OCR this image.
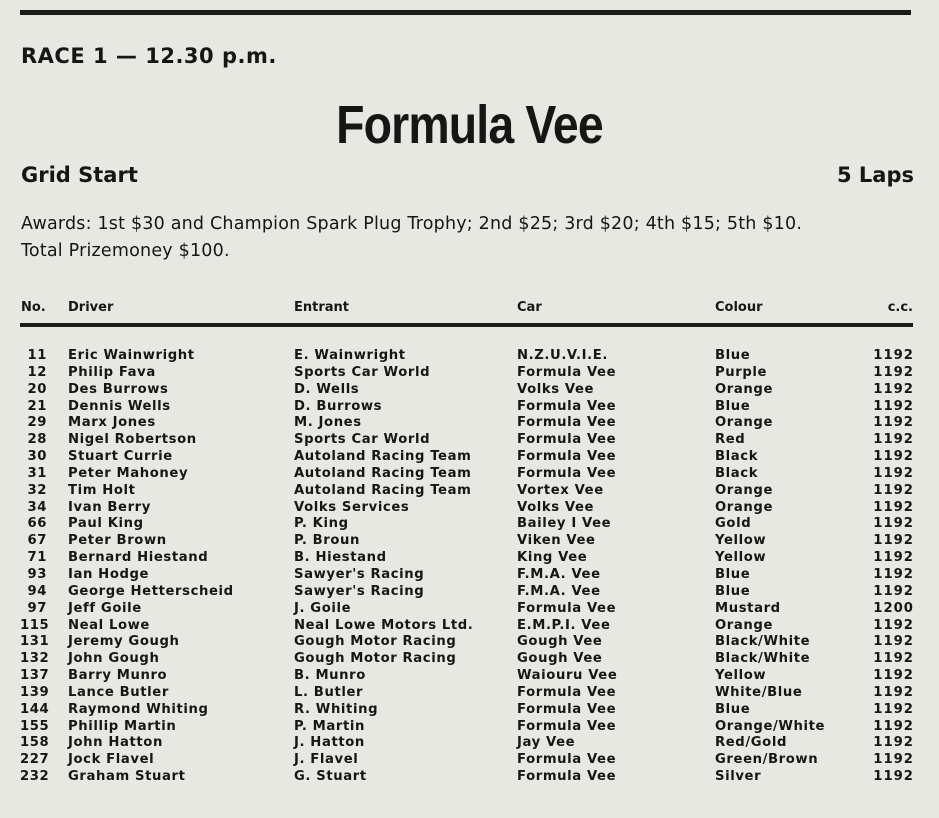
RACE 1 — 12.30 p.m.
Formula Vee
Grid Start	5 Laps
Awards: 1st $30 and Champion Spark Plug Trophy; 2nd $25; 3rd $20; 4th $15; 5th $10.
Total Prizemoney $100.
No. Driver	Entrant	Car	Colour	c.c.
11 Eric Wainwright	E. Wainwright	N.Z.U.V.I.E.	Blue	1192
12 Philip Fava	Sports Car World	Formula Vee	Purple	1192
20 Des Burrows	D. Wells	Volks Vee	Orange	1192
21 Dennis Wells	D. Burrows	Formula Vee	Blue	1192
29 Marx Jones	M. Jones	Formula Vee	Orange	1192
28 Nigel Robertson	Sports Car World	Formula Vee	Red	1192
30 Stuart Currie	Autoland Racing Team	Formula Vee	Black	1192
31 Peter Mahoney	Autoland Racing Team	Formula Vee	Black	1192
32 Tim Holt	Autoland Racing Team	Vortex Vee	Orange	1192
34 Ivan Berry	Volks Services	Volks Vee	Orange	1192
66 Paul King	P. King	Bailey I Vee	Gold	1192
67 Peter Brown	P. Broun	Viken Vee	Yellow	1192
71 Bernard Hiestand	B. Hiestand	King Vee	Yellow	1192
93 Ian Hodge	Sawyer's Racing	F.M.A. Vee	Blue	1192
94 George Hetterscheid	Sawyer's Racing	F.M.A. Vee	Blue	1192
97 Jeff Goile	J. Goile	Formula Vee	Mustard	1200
115 Neal Lowe	Neal Lowe Motors Ltd.	E.M.P.I. Vee	Orange	1192
131 Jeremy Gough	Gough Motor Racing	Gough Vee	Black/White	1192
132 John Gough	Gough Motor Racing	Gough Vee	Black/White	1192
137 Barry Munro	B. Munro	Waiouru Vee	Yellow	1192
139 Lance Butler	L. Butler	Formula Vee	White/Blue	1192
144 Raymond Whiting	R. Whiting	Formula Vee	Blue	1192
155 Phillip Martin	P. Martin	Formula Vee	Orange/White	1192
158 John Hatton	J. Hatton	Jay Vee	Red/Gold	1192
227 Jock Flavel	J. Flavel	Formula Vee	Green/Brown	1192
232 Graham Stuart	G. Stuart	Formula Vee	Silver	1192
